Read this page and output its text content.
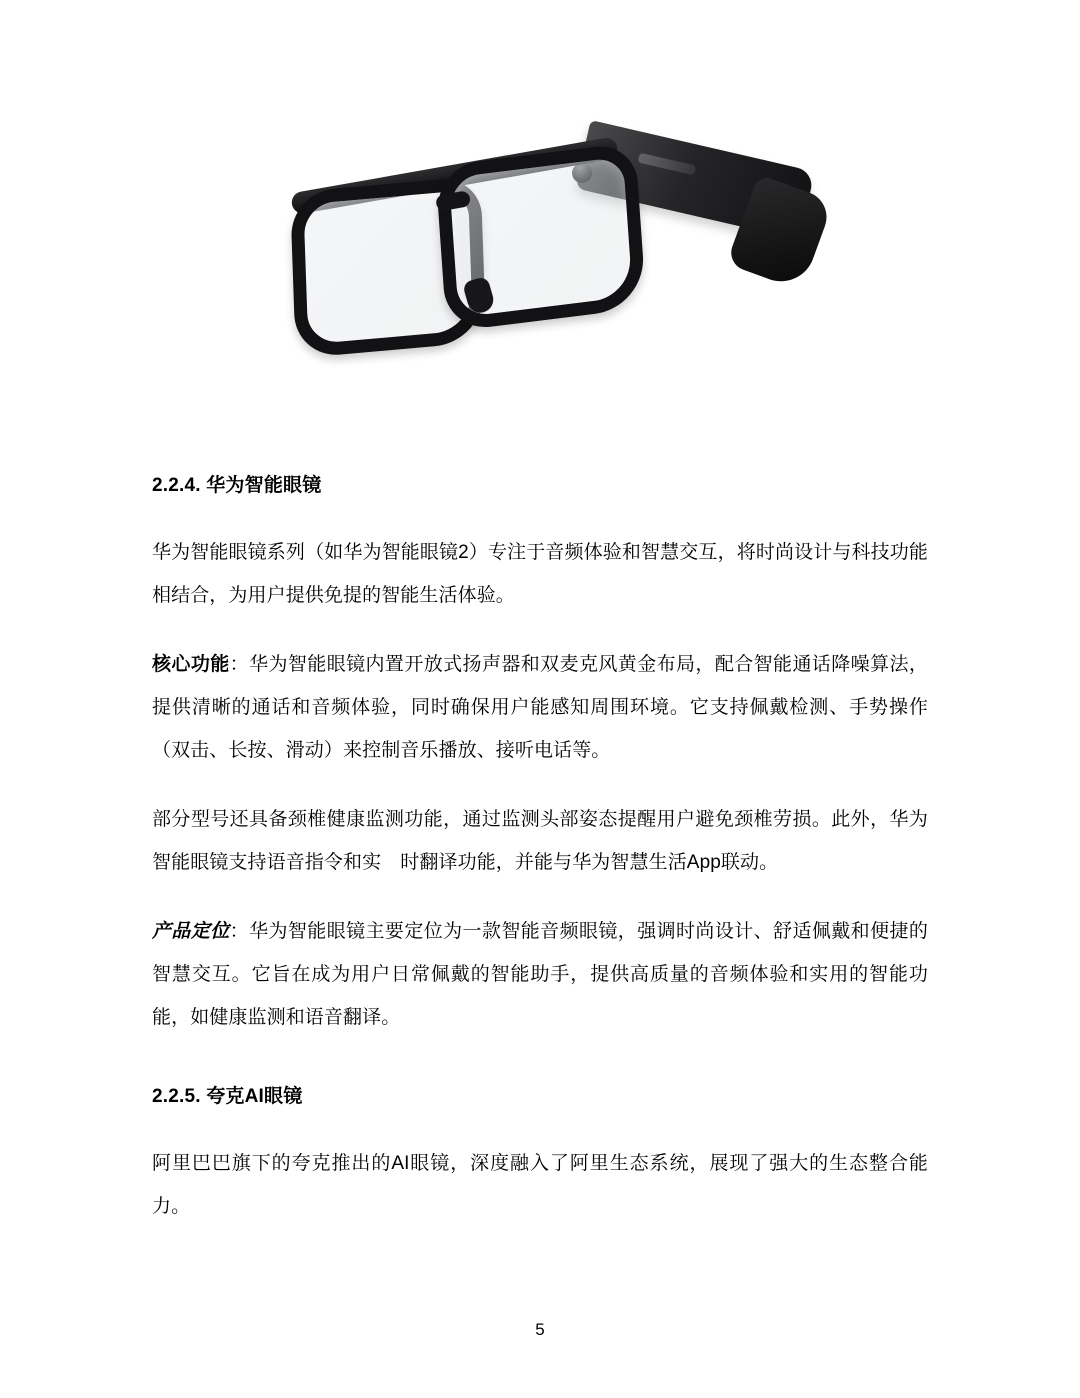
2.2.4. 华为智能眼镜

华为智能眼镜系列（如华为智能眼镜2）专注于音频体验和智慧交互，将时尚设计与科技功能相结合，为用户提供免提的智能生活体验。

核心功能：华为智能眼镜内置开放式扬声器和双麦克风黄金布局，配合智能通话降噪算法，提供清晰的通话和音频体验，同时确保用户能感知周围环境。它支持佩戴检测、手势操作（双击、长按、滑动）来控制音乐播放、接听电话等。

部分型号还具备颈椎健康监测功能，通过监测头部姿态提醒用户避免颈椎劳损。此外，华为智能眼镜支持语音指令和实　时翻译功能，并能与华为智慧生活App联动。

产品定位：华为智能眼镜主要定位为一款智能音频眼镜，强调时尚设计、舒适佩戴和便捷的智慧交互。它旨在成为用户日常佩戴的智能助手，提供高质量的音频体验和实用的智能功能，如健康监测和语音翻译。

2.2.5. 夸克AI眼镜

阿里巴巴旗下的夸克推出的AI眼镜，深度融入了阿里生态系统，展现了强大的生态整合能力。

5
